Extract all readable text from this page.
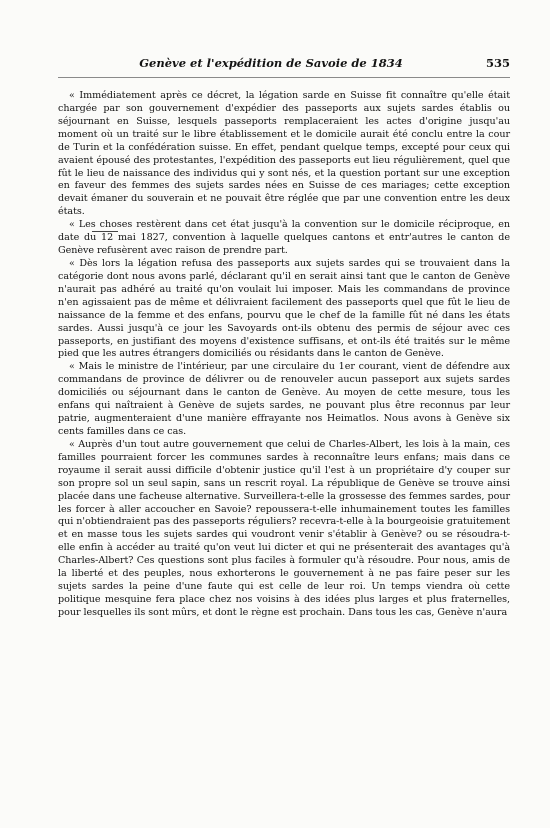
Genève et l'expédition de Savoie de 1834	535

« Immédiatement après ce décret, la légation sarde en Suisse fit connaître qu'elle était chargée par son gouvernement d'expédier des passeports aux sujets sardes établis ou séjournant en Suisse, lesquels passeports remplaceraient les actes d'origine jusqu'au moment où un traité sur le libre établissement et le domicile aurait été conclu entre la cour de Turin et la confédération suisse. En effet, pendant quelque temps, excepté pour ceux qui avaient épousé des protestantes, l'expédition des passeports eut lieu régulièrement, quel que fût le lieu de naissance des individus qui y sont nés, et la question portant sur une exception en faveur des femmes des sujets sardes nées en Suisse de ces mariages; cette exception devait émaner du souverain et ne pouvait être réglée que par une convention entre les deux états.

« Les choses restèrent dans cet état jusqu'à la convention sur le domicile réciproque, en date du 12 mai 1827, convention à laquelle quelques cantons et entr'autres le canton de Genève refusèrent avec raison de prendre part.

« Dès lors la légation refusa des passeports aux sujets sardes qui se trouvaient dans la catégorie dont nous avons parlé, déclarant qu'il en serait ainsi tant que le canton de Genève n'aurait pas adhéré au traité qu'on voulait lui imposer. Mais les commandans de province n'en agissaient pas de même et délivraient facilement des passeports quel que fût le lieu de naissance de la femme et des enfans, pourvu que le chef de la famille fût né dans les états sardes. Aussi jusqu'à ce jour les Savoyards ont-ils obtenu des permis de séjour avec ces passeports, en justifiant des moyens d'existence suffisans, et ont-ils été traités sur le même pied que les autres étrangers domiciliés ou résidants dans le canton de Genève.

« Mais le ministre de l'intérieur, par une circulaire du 1er courant, vient de défendre aux commandans de province de délivrer ou de renouveler aucun passeport aux sujets sardes domiciliés ou séjournant dans le canton de Genève. Au moyen de cette mesure, tous les enfans qui naîtraient à Genève de sujets sardes, ne pouvant plus être reconnus par leur patrie, augmenteraient d'une manière effrayante nos Heimatlos. Nous avons à Genève six cents familles dans ce cas.

« Auprès d'un tout autre gouvernement que celui de Charles-Albert, les lois à la main, ces familles pourraient forcer les communes sardes à reconnaître leurs enfans; mais dans ce royaume il serait aussi difficile d'obtenir justice qu'il l'est à un propriétaire d'y couper sur son propre sol un seul sapin, sans un rescrit royal. La république de Genève se trouve ainsi placée dans une facheuse alternative. Surveillera-t-elle la grossesse des femmes sardes, pour les forcer à aller accoucher en Savoie? repoussera-t-elle inhumainement toutes les familles qui n'obtiendraient pas des passeports réguliers? recevra-t-elle à la bourgeoisie gratuitement et en masse tous les sujets sardes qui voudront venir s'établir à Genève? ou se résoudra-t-elle enfin à accéder au traité qu'on veut lui dicter et qui ne présenterait des avantages qu'à Charles-Albert? Ces questions sont plus faciles à formuler qu'à résoudre. Pour nous, amis de la liberté et des peuples, nous exhorterons le gouvernement à ne pas faire peser sur les sujets sardes la peine d'une faute qui est celle de leur roi. Un temps viendra où cette politique mesquine fera place chez nos voisins à des idées plus larges et plus fraternelles, pour lesquelles ils sont mûrs, et dont le règne est prochain. Dans tous les cas, Genève n'aura
